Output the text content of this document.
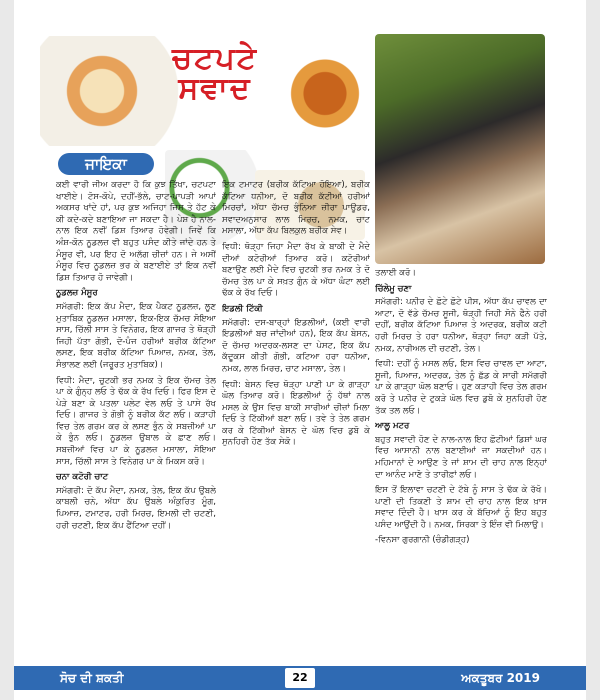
ਚਟਪਟੇ
ਸਵਾਦ
ਜਾਇਕਾ

ਕਈ ਵਾਰੀ ਜੀਅ ਕਰਦਾ ਹੈ ਕਿ ਕੁਝ ਤਿੱਖਾ, ਚਟਪਟਾ ਖਾਈਏ। ਟੋਸ-ਕੋਪੇ, ਦਹੀਂ-ਭੱਲੇ, ਚਾਟ-ਪਾਪੜੀ ਆਪਾਂ ਅਕਸਰ ਖਾਂਦੇ ਹਾਂ, ਪਰ ਕੁਝ ਅਜਿਹਾ ਜਿਸ ਤੇ ਹੱਟ ਕੇ ਕੀ ਕਦੇ-ਕਦੇ ਬਣਾਇਆ ਜਾ ਸਕਦਾ ਹੈ। ਪੇਸ਼ ਹੈ ਨਾਲ-ਨਾਲ ਇਕ ਨਵੀਂ ਡਿਸ਼ ਤਿਆਰ ਹੋਵੇਗੀ। ਜਿਵੇਂ ਕਿ ਅੰਸ਼-ਕੋਨ ਨੂਡਲਜ਼ ਵੀ ਬਹੁਤ ਪਸੰਦ ਕੀਤੇ ਜਾਂਦੇ ਹਨ ਤੇ ਮੰਸੂਰ ਵੀ, ਪਰ ਇਹ ਦੋ ਅਲੱਗ ਚੀਜ਼ਾਂ ਹਨ। ਜੇ ਅਸੀਂ ਮੰਸੂਰ ਵਿਚ ਨੂਡਲਜ਼ ਭਰ ਕੇ ਬਣਾਈਏ ਤਾਂ ਇਕ ਨਵੀਂ ਡਿਸ਼ ਤਿਆਰ ਹੋ ਜਾਵੇਗੀ।

ਨੂਡਲਜ਼ ਮੰਸੂਰ

ਸਮੱਗਰੀ: ਇਕ ਕੱਪ ਮੈਦਾ, ਇਕ ਪੈਕਟ ਨੂਡਲਜ਼, ਲੂਣ ਮੁਤਾਬਿਕ ਨੂਡਲਜ਼ ਮਸਾਲਾ, ਇਕ-ਇਕ ਚੱਮਚ ਸੋਇਆ ਸਾਸ, ਚਿੱਲੀ ਸਾਸ ਤੇ ਵਿਨੇਗਰ, ਇਕ ਗਾਜਰ ਤੇ ਥੋੜ੍ਹੀ ਜਿਹੀ ਪੱਤਾ ਗੋਭੀ, ਦੋ-ਪੰਜ ਹਰੀਆਂ ਬਰੀਕ ਕੱਟਿਆ ਲਸਣ, ਇਕ ਬਰੀਕ ਕੱਟਿਆ ਪਿਆਜ਼, ਨਮਕ, ਤੇਲ, ਸੰਭਾਲਣ ਲਈ (ਜਰੂਰਤ ਮੁਤਾਬਿਕ)।

ਵਿਧੀ: ਮੈਦਾ, ਚੁਟਕੀ ਭਰ ਨਮਕ ਤੇ ਇਕ ਚੱਮਚ ਤੇਲ ਪਾ ਕੇ ਗੁੰਨ੍ਹ ਲਓ ਤੇ ਢੱਕ ਕੇ ਰੱਖ ਦਿਓ। ਫਿਰ ਇਸ ਦੇ ਪੇੜੇ ਬਣਾ ਕੇ ਪਤਲਾ ਪਲੇਟ ਵੇਲ ਲਓ ਤੇ ਪਾਸੇ ਰੱਖ ਦਿਓ। ਗਾਜਰ ਤੇ ਗੋਭੀ ਨੂੰ ਬਰੀਕ ਕੱਟ ਲਓ। ਕੜਾਹੀ ਵਿਚ ਤੇਲ ਗਰਮ ਕਰ ਕੇ ਲਸਣ ਭੁੰਨ ਕੇ ਸਬਜ਼ੀਆਂ ਪਾ ਕੇ ਭੁੰਨ ਲਓ। ਨੂਡਲਜ਼ ਉਬਾਲ ਕੇ ਛਾਣ ਲਓ। ਸਬਜ਼ੀਆਂ ਵਿਚ ਪਾ ਕੇ ਨੂਡਲਜ਼ ਮਸਾਲਾ, ਸੋਇਆ ਸਾਸ, ਚਿੱਲੀ ਸਾਸ ਤੇ ਵਿਨੇਗਰ ਪਾ ਕੇ ਮਿਕਸ ਕਰੋ।

ਚਨਾ ਕਟੋਰੀ ਚਾਟ

ਸਮੱਗਰੀ: ਦੋ ਕੱਪ ਮੈਦਾ, ਨਮਕ, ਤੇਲ, ਇਕ ਕੱਪ ਉਬਲੇ ਕਾਬਲੀ ਚਨੇ, ਅੱਧਾ ਕੱਪ ਉਬਲੇ ਅੰਕੁਰਿਤ ਮੂੰਗ, ਪਿਆਜ਼, ਟਮਾਟਰ, ਹਰੀ ਮਿਰਚ, ਇਮਲੀ ਦੀ ਚਟਣੀ, ਹਰੀ ਚਟਣੀ, ਇਕ ਕੱਪ ਫੈਂਟਿਆ ਦਹੀਂ।

ਇਕ ਟਮਾਟਰ (ਬਰੀਕ ਕੱਟਿਆ ਹੋਇਆ), ਬਰੀਕ ਕੱਟਿਆ ਧਨੀਆ, ਦੋ ਬਰੀਕ ਕੱਟੀਆਂ ਹਰੀਆਂ ਮਿਰਚਾਂ, ਅੱਧਾ ਚੱਮਚ ਭੁੰਨਿਆ ਜ਼ੀਰਾ ਪਾਊਡਰ, ਸਵਾਦਅਨੁਸਾਰ ਲਾਲ ਮਿਰਚ, ਨਮਕ, ਚਾਟ ਮਸਾਲਾ, ਅੱਧਾ ਕੱਪ ਬਿਲਕੁਲ ਬਰੀਕ ਸੇਵ।

ਵਿਧੀ: ਥੋੜ੍ਹਾ ਜਿਹਾ ਮੈਦਾ ਰੱਖ ਕੇ ਬਾਕੀ ਦੇ ਮੈਦੇ ਦੀਆਂ ਕਟੋਰੀਆਂ ਤਿਆਰ ਕਰੋ। ਕਟੋਰੀਆਂ ਬਣਾਉਣ ਲਈ ਮੈਦੇ ਵਿਚ ਚੁਟਕੀ ਭਰ ਨਮਕ ਤੇ ਦੋ ਚੱਮਚ ਤੇਲ ਪਾ ਕੇ ਸਖ਼ਤ ਗੁੰਨ ਕੇ ਅੱਧਾ ਘੰਟਾ ਲਈ ਢੱਕ ਕੇ ਰੱਖ ਦਿਓ।

ਇਡਲੀ ਟਿੱਕੀ

ਸਮੱਗਰੀ: ਦਸ-ਬਾਰ੍ਹਾਂ ਇਡਲੀਆਂ, (ਕਈ ਵਾਰੀ ਇਡਲੀਆਂ ਬਚ ਜਾਂਦੀਆਂ ਹਨ), ਇਕ ਕੱਪ ਬੇਸਨ, ਦੋ ਚੱਮਚ ਅਦਰਕ-ਲਸਣ ਦਾ ਪੇਸਟ, ਇਕ ਕੱਪ ਕੱਦੂਕਸ ਕੀਤੀ ਗੋਭੀ, ਕਟਿਆ ਹਰਾ ਧਨੀਆ, ਨਮਕ, ਲਾਲ ਮਿਰਚ, ਚਾਟ ਮਸਾਲਾ, ਤੇਲ।

ਵਿਧੀ: ਬੇਸਨ ਵਿਚ ਥੋੜ੍ਹਾ ਪਾਣੀ ਪਾ ਕੇ ਗਾੜ੍ਹਾ ਘੋਲ ਤਿਆਰ ਕਰੋ। ਇਡਲੀਆਂ ਨੂੰ ਹੱਥਾਂ ਨਾਲ ਮਸਲ ਕੇ ਉਸ ਵਿਚ ਬਾਕੀ ਸਾਰੀਆਂ ਚੀਜ਼ਾਂ ਮਿਲਾ ਦਿਓ ਤੇ ਟਿੱਕੀਆਂ ਬਣਾ ਲਓ। ਤਵੇ ਤੇ ਤੇਲ ਗਰਮ ਕਰ ਕੇ ਟਿੱਕੀਆਂ ਬੇਸਨ ਦੇ ਘੋਲ ਵਿਚ ਡੁਬੋ ਕੇ ਸੁਨਹਿਰੀ ਹੋਣ ਤੱਕ ਸੇਕੋ।

ਤਲਾਈ ਕਰੋ।

ਚਿੱਲੇਮੂ ਚਣਾ

ਸਮੱਗਰੀ: ਪਨੀਰ ਦੇ ਛੋਟੇ ਛੋਟੇ ਪੀਸ, ਅੱਧਾ ਕੱਪ ਚਾਵਲ ਦਾ ਆਟਾ, ਦੋ ਵੱਡੇ ਚੱਮਚ ਸੂਜੀ, ਥੋੜ੍ਹੀ ਜਿਹੀ ਸੋਨੇ ਫੈਨੇ ਹਰੀ ਦਹੀਂ, ਬਰੀਕ ਕੱਟਿਆ ਪਿਆਜ਼ ਤੇ ਅਦਰਕ, ਬਰੀਕ ਕਟੀ ਹਰੀ ਮਿਰਚ ਤੇ ਹਰਾ ਧਨੀਆ, ਥੋੜ੍ਹਾ ਜਿਹਾ ਕੜੀ ਪੱਤੇ, ਨਮਕ, ਨਾਰੀਅਲ ਦੀ ਚਟਣੀ, ਤੇਲ।

ਵਿਧੀ: ਦਹੀਂ ਨੂੰ ਮਸਲ ਲਓ, ਇਸ ਵਿਚ ਚਾਵਲ ਦਾ ਆਟਾ, ਸੂਜੀ, ਪਿਆਜ਼, ਅਦਰਕ, ਤੇਲ ਨੂੰ ਛੱਡ ਕੇ ਸਾਰੀ ਸਮੱਗਰੀ ਪਾ ਕੇ ਗਾੜ੍ਹਾ ਘੋਲ ਬਣਾਓ। ਹੁਣ ਕੜਾਹੀ ਵਿਚ ਤੇਲ ਗਰਮ ਕਰੋ ਤੇ ਪਨੀਰ ਦੇ ਟੁਕੜੇ ਘੋਲ ਵਿਚ ਡੁਬੋ ਕੇ ਸੁਨਹਿਰੀ ਹੋਣ ਤੱਕ ਤਲ ਲਓ।

ਆਲੂ ਮਟਰ

ਬਹੁਤ ਸਵਾਦੀ ਹੋਣ ਦੇ ਨਾਲ-ਨਾਲ ਇਹ ਛੋਟੀਆਂ ਡਿਸ਼ਾਂ ਘਰ ਵਿਚ ਆਸਾਨੀ ਨਾਲ ਬਣਾਈਆਂ ਜਾ ਸਕਦੀਆਂ ਹਨ। ਮਹਿਮਾਨਾਂ ਦੇ ਆਉਣ ਤੇ ਜਾਂ ਸ਼ਾਮ ਦੀ ਚਾਹ ਨਾਲ ਇਨ੍ਹਾਂ ਦਾ ਆਨੰਦ ਮਾਣੋ ਤੇ ਤਾਰੀਫ਼ਾਂ ਲਓ।

ਇਸ ਤੋਂ ਇਲਾਵਾ ਚਟਣੀ ਦੇ ਟੱਬੇ ਨੂੰ ਸਾਸ ਤੇ ਢੱਕ ਕੇ ਰੱਖੋ। ਪਾਣੀ ਦੀ ਤਿਕਣੀ ਤੇ ਸ਼ਾਮ ਦੀ ਚਾਹ ਨਾਲ ਇਕ ਖ਼ਾਸ ਸਵਾਦ ਦਿੰਦੀ ਹੈ। ਖਾਸ ਕਰ ਕੇ ਬੱਚਿਆਂ ਨੂੰ ਇਹ ਬਹੁਤ ਪਸੰਦ ਆਉਂਦੀ ਹੈ। ਨਮਕ, ਸਿਰਕਾ ਤੇ ਇੰਜ਼ ਵੀ ਮਿਲਾਉ।

-ਵਿਨਸਾ ਗੁਰਗਾਨੀ (ਚੰਡੀਗੜ੍ਹ)

ਸੋਚ ਦੀ ਸ਼ਕਤੀ	22	ਅਕਤੂਬਰ 2019
